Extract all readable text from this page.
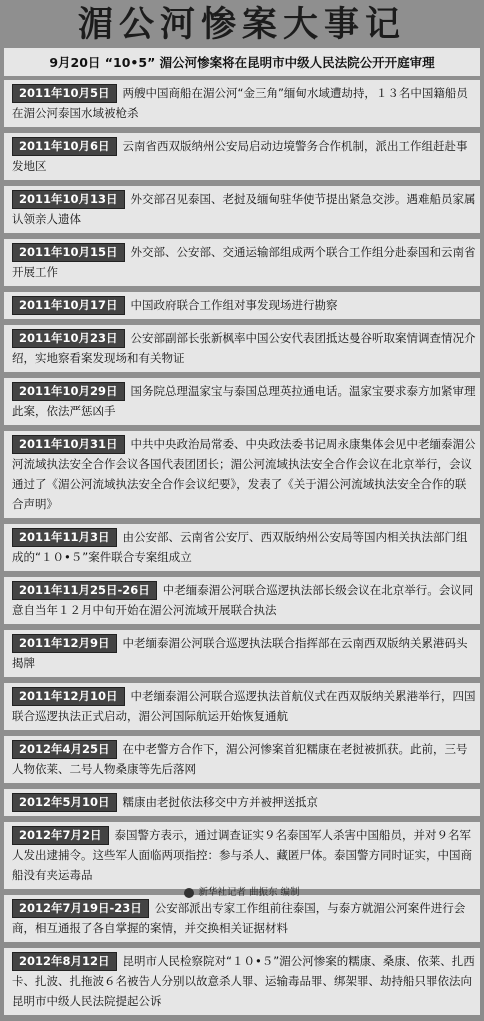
湄公河惨案大事记
9月20日 “10•5” 湄公河惨案将在昆明市中级人民法院公开开庭审理
2011年10月5日 两艘中国商船在湄公河“金三角”缅甸水域遭劫持，１３名中国籍船员在湄公河泰国水域被枪杀
2011年10月6日 云南省西双版纳州公安局启动边境警务合作机制，派出工作组赶赴事发地区
2011年10月13日 外交部召见泰国、老挝及缅甸驻华使节提出紧急交涉。遇难船员家属认领亲人遗体
2011年10月15日 外交部、公安部、交通运输部组成两个联合工作组分赴泰国和云南省开展工作
2011年10月17日 中国政府联合工作组对事发现场进行勘察
2011年10月23日 公安部副部长张新枫率中国公安代表团抵达曼谷听取案情调查情况介绍，实地察看案发现场和有关物证
2011年10月29日 国务院总理温家宝与泰国总理英拉通电话。温家宝要求泰方加紧审理此案，依法严惩凶手
2011年10月31日 中共中央政治局常委、中央政法委书记周永康集体会见中老缅泰湄公河流域执法安全合作会议各国代表团团长；湄公河流域执法安全合作会议在北京举行，会议通过了《湄公河流域执法安全合作会议纪要》，发表了《关于湄公河流域执法安全合作的联合声明》
2011年11月3日 由公安部、云南省公安厅、西双版纳州公安局等国内相关执法部门组成的“１０•５”案件联合专案组成立
2011年11月25日-26日 中老缅泰湄公河联合巡逻执法部长级会议在北京举行。会议同意自当年１２月中旬开始在湄公河流域开展联合执法
2011年12月9日 中老缅泰湄公河联合巡逻执法联合指挥部在云南西双版纳关累港码头揭牌
2011年12月10日 中老缅泰湄公河联合巡逻执法首航仪式在西双版纳关累港举行，四国联合巡逻执法正式启动，湄公河国际航运开始恢复通航
2012年4月25日 在中老警方合作下，湄公河惨案首犯糯康在老挝被抓获。此前，三号人物依莱、二号人物桑康等先后落网
2012年5月10日 糯康由老挝依法移交中方并被押送抵京
2012年7月2日 泰国警方表示，通过调查证实９名泰国军人杀害中国船员，并对９名军人发出逮捕令。这些军人面临两项指控：参与杀人、藏匿尸体。泰国警方同时证实，中国商船没有夹运毒品
2012年7月19日-23日 公安部派出专家工作组前往泰国，与泰方就湄公河案件进行会商，相互通报了各自掌握的案情，并交换相关证据材料
2012年8月12日 昆明市人民检察院对“１０•５”湄公河惨案的糯康、桑康、依莱、扎西卡、扎波、扎拖波６名被告人分别以故意杀人罪、运输毒品罪、绑架罪、劫持船只罪依法向昆明市中级人民法院提起公诉
新华社记者 曲振东 编制
